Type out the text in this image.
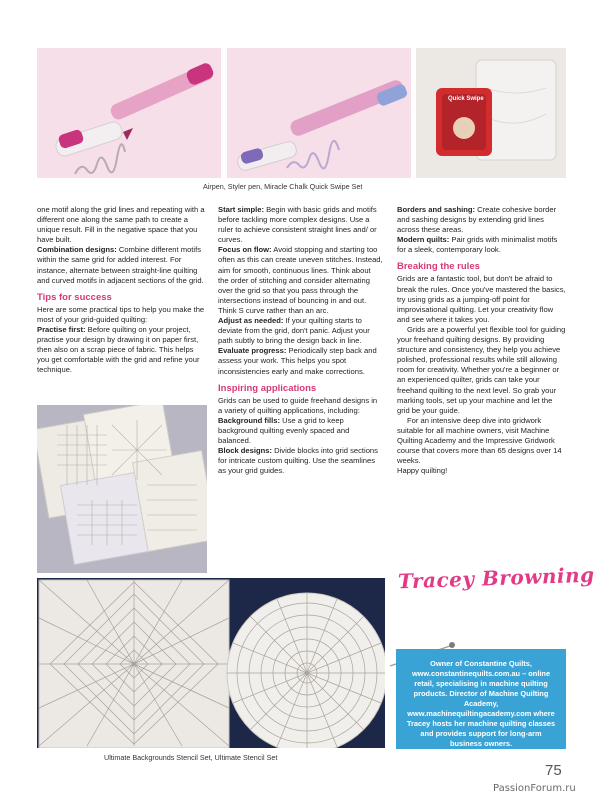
Quick Swipe
Airpen, Styler pen, Miracle Chalk Quick Swipe Set

one motif along the grid lines and repeating with a different one along the same path to create a unique result. Fill in the negative space that you have built.

Combination designs: Combine different motifs within the same grid for added interest. For instance, alternate between straight-line quilting and curved motifs in adjacent sections of the grid.

Tips for success

Here are some practical tips to help you make the most of your grid-guided quilting:

Practise first: Before quilting on your project, practise your design by drawing it on paper first, then also on a scrap piece of fabric. This helps you get comfortable with the grid and refine your technique.

Start simple: Begin with basic grids and motifs before tackling more complex designs. Use a ruler to achieve consistent straight lines and/ or curves.

Focus on flow: Avoid stopping and starting too often as this can create uneven stitches. Instead, aim for smooth, continuous lines. Think about the order of stitching and consider alternating over the grid so that you pass through the intersections instead of bouncing in and out. Think S curve rather than an arc.

Adjust as needed: If your quilting starts to deviate from the grid, don't panic. Adjust your path subtly to bring the design back in line.

Evaluate progress: Periodically step back and assess your work. This helps you spot inconsistencies early and make corrections.

Inspiring applications

Grids can be used to guide freehand designs in a variety of quilting applications, including:

Background fills: Use a grid to keep background quilting evenly spaced and balanced.

Block designs: Divide blocks into grid sections for intricate custom quilting. Use the seamlines as your grid guides.

Borders and sashing: Create cohesive border and sashing designs by extending grid lines across these areas.

Modern quilts: Pair grids with minimalist motifs for a sleek, contemporary look.

Breaking the rules

Grids are a fantastic tool, but don't be afraid to break the rules. Once you've mastered the basics, try using grids as a jumping-off point for improvisational quilting. Let your creativity flow and see where it takes you.

Grids are a powerful yet flexible tool for guiding your freehand quilting designs. By providing structure and consistency, they help you achieve polished, professional results while still allowing room for creativity. Whether you're a beginner or an experienced quilter, grids can take your freehand quilting to the next level. So grab your marking tools, set up your machine and let the grid be your guide.

For an intensive deep dive into gridwork suitable for all machine owners, visit Machine Quilting Academy and the Impressive Gridwork course that covers more than 65 designs over 14 weeks.

Happy quilting!

Ultimate Backgrounds Stencil Set, Ultimate Stencil Set
Tracey Browning
Owner of Constantine Quilts, www.constantinequilts.com.au – online retail, specialising in machine quilting products. Director of Machine Quilting Academy, www.machinequiltingacademy.com where Tracey hosts her machine quilting classes and provides support for long-arm business owners.
75
PassionForum.ru
